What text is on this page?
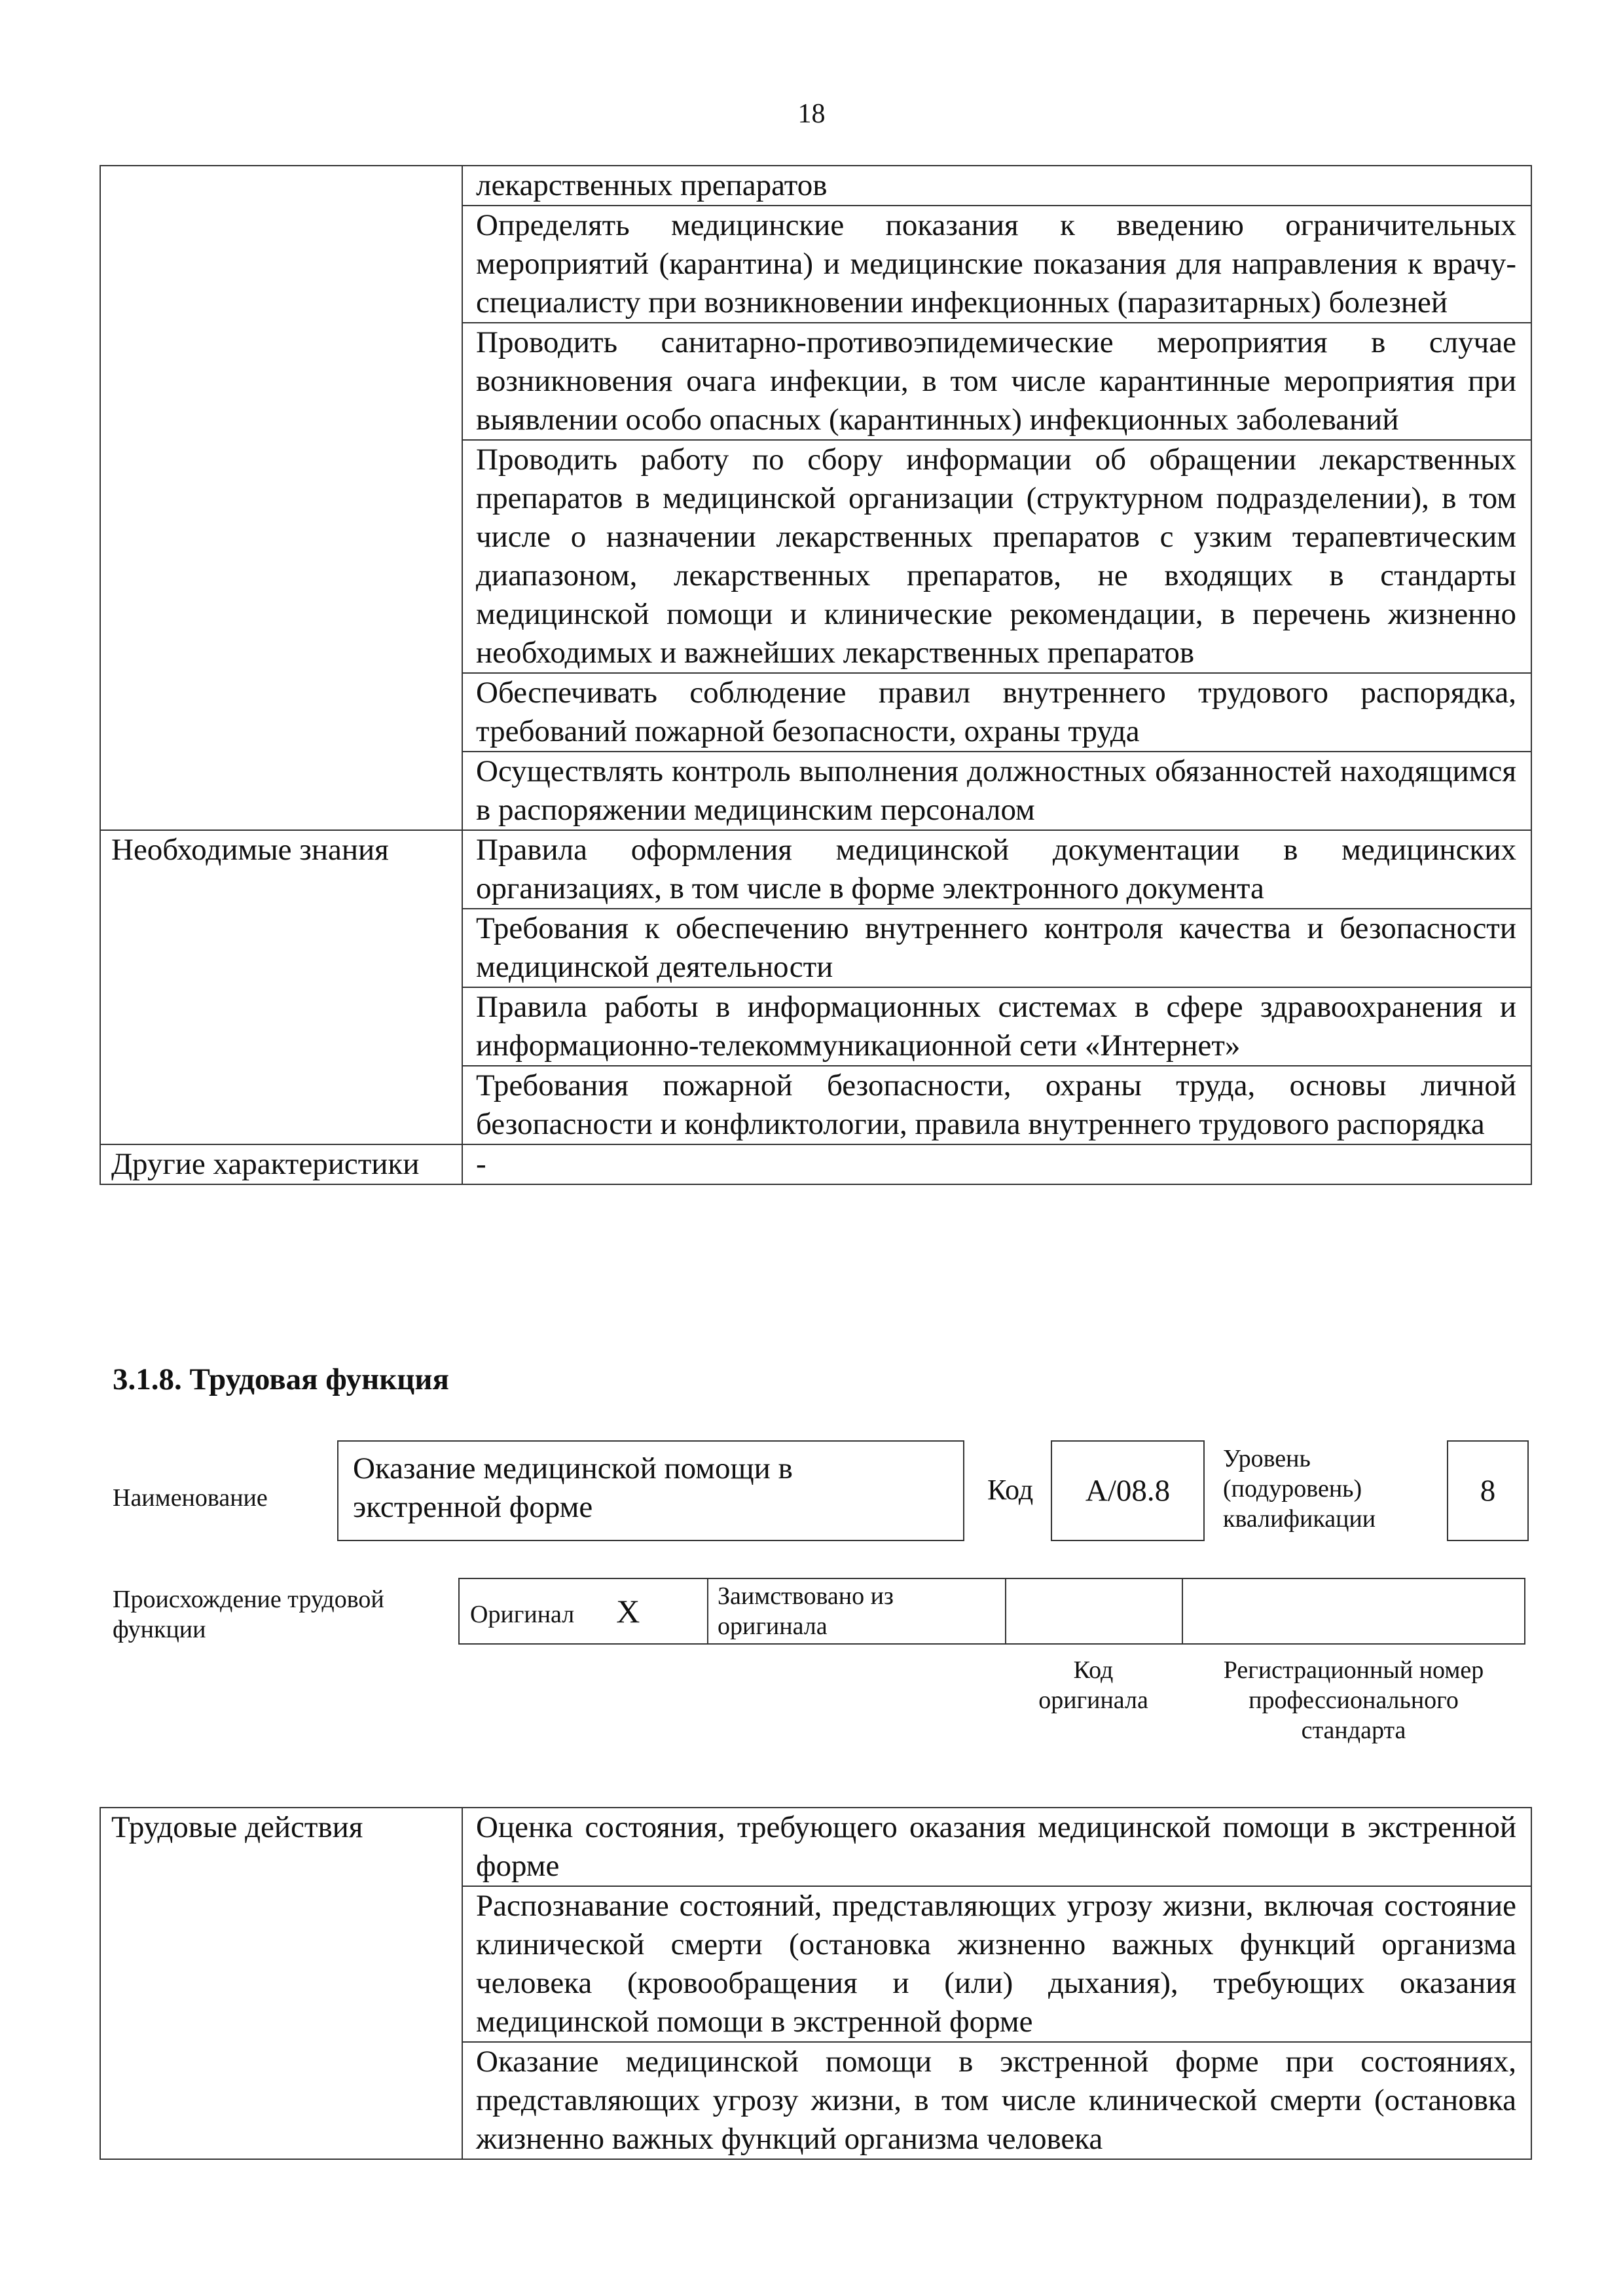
18
	лекарственных препаратов
	Определять медицинские показания к введению ограничительных мероприятий (карантина) и медицинские показания для направления к врачу-специалисту при возникновении инфекционных (паразитарных) болезней
	Проводить санитарно-противоэпидемические мероприятия в случае возникновения очага инфекции, в том числе карантинные мероприятия при выявлении особо опасных (карантинных) инфекционных заболеваний
	Проводить работу по сбору информации об обращении лекарственных препаратов в медицинской организации (структурном подразделении), в том числе о назначении лекарственных препаратов с узким терапевтическим диапазоном, лекарственных препаратов, не входящих в стандарты медицинской помощи и клинические рекомендации, в перечень жизненно необходимых и важнейших лекарственных препаратов
	Обеспечивать соблюдение правил внутреннего трудового распорядка, требований пожарной безопасности, охраны труда
	Осуществлять контроль выполнения должностных обязанностей находящимся в распоряжении медицинским персоналом
Необходимые знания	Правила оформления медицинской документации в медицинских организациях, в том числе в форме электронного документа
	Требования к обеспечению внутреннего контроля качества и безопасности медицинской деятельности
	Правила работы в информационных системах в сфере здравоохранения и информационно-телекоммуникационной сети «Интернет»
	Требования пожарной безопасности, охраны труда, основы личной безопасности и конфликтологии, правила внутреннего трудового распорядка
Другие характеристики	-
3.1.8. Трудовая функция
Наименование
Оказание медицинской помощи в экстренной форме
Код	А/08.8
Уровень
(подуровень)
квалификации
8
Происхождение трудовой
функции
Оригинал X	Заимствовано из
оригинала

Код
оригинала
Регистрационный номер
профессионального
стандарта
Трудовые действия	Оценка состояния, требующего оказания медицинской помощи в экстренной форме
Распознавание состояний, представляющих угрозу жизни, включая состояние клинической смерти (остановка жизненно важных функций организма человека (кровообращения и (или) дыхания), требующих оказания медицинской помощи в экстренной форме
Оказание медицинской помощи в экстренной форме при состояниях, представляющих угрозу жизни, в том числе клинической смерти (остановка жизненно важных функций организма человека
